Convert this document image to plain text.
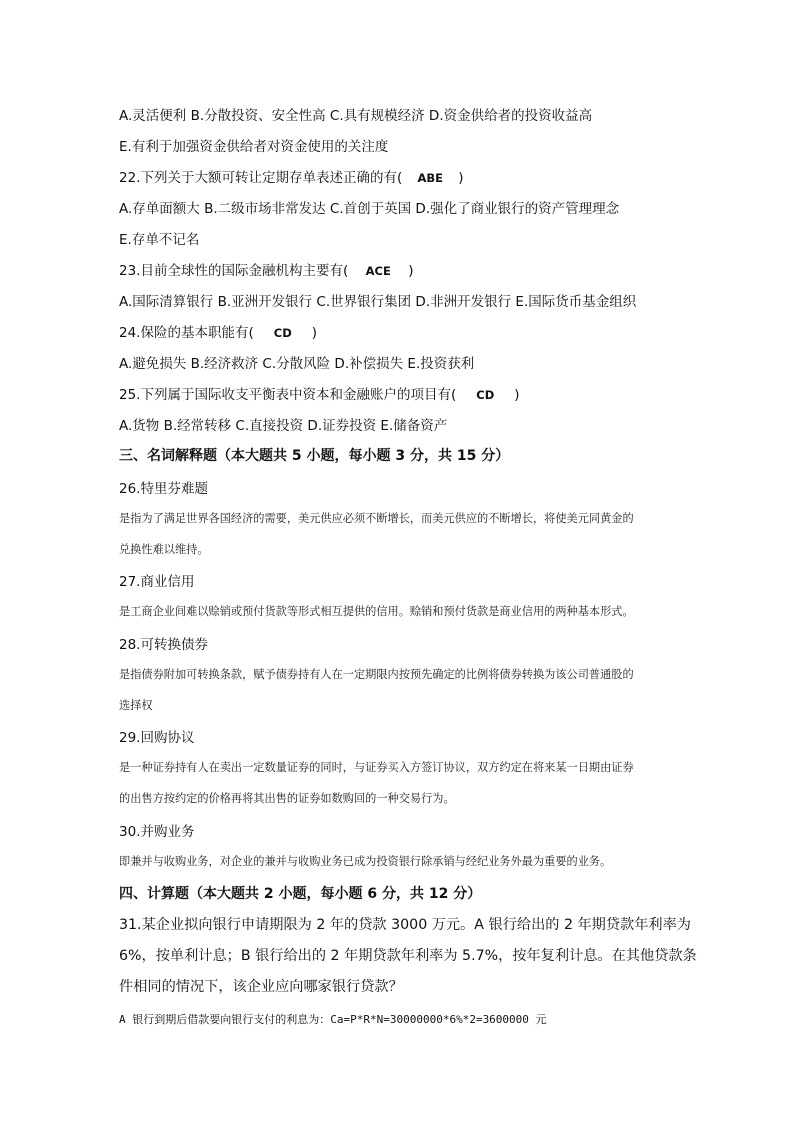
A.灵活便利 B.分散投资、安全性高 C.具有规模经济 D.资金供给者的投资收益高
E.有利于加强资金供给者对资金使用的关注度
22.下列关于大额可转让定期存单表述正确的有( ABE )
A.存单面额大 B.二级市场非常发达 C.首创于英国 D.强化了商业银行的资产管理理念
E.存单不记名
23.目前全球性的国际金融机构主要有( ACE )
A.国际清算银行 B.亚洲开发银行 C.世界银行集团 D.非洲开发银行 E.国际货币基金组织
24.保险的基本职能有( CD )
A.避免损失 B.经济救济 C.分散风险 D.补偿损失 E.投资获利
25.下列属于国际收支平衡表中资本和金融账户的项目有( CD )
A.货物 B.经常转移 C.直接投资 D.证券投资 E.储备资产
三、名词解释题（本大题共 5 小题，每小题 3 分，共 15 分）
26.特里芬难题
是指为了满足世界各国经济的需要，美元供应必须不断增长，而美元供应的不断增长，将使美元同黄金的
兑换性难以维持。
27.商业信用
是工商企业间难以赊销或预付货款等形式相互提供的信用。赊销和预付货款是商业信用的两种基本形式。
28.可转换债券
是指债券附加可转换条款，赋予债券持有人在一定期限内按预先确定的比例将债券转换为该公司普通股的
选择权
29.回购协议
是一种证券持有人在卖出一定数量证券的同时，与证券买入方签订协议，双方约定在将来某一日期由证券
的出售方按约定的价格再将其出售的证券如数购回的一种交易行为。
30.并购业务
即兼并与收购业务，对企业的兼并与收购业务已成为投资银行除承销与经纪业务外最为重要的业务。
四、计算题（本大题共 2 小题，每小题 6 分，共 12 分）
31.某企业拟向银行申请期限为 2 年的贷款 3000 万元。A 银行给出的 2 年期贷款年利率为
6%，按单利计息；B 银行给出的 2 年期贷款年利率为 5.7%，按年复利计息。在其他贷款条
件相同的情况下，该企业应向哪家银行贷款？
A 银行到期后借款要向银行支付的利息为：Ca=P*R*N=30000000*6%*2=3600000 元
